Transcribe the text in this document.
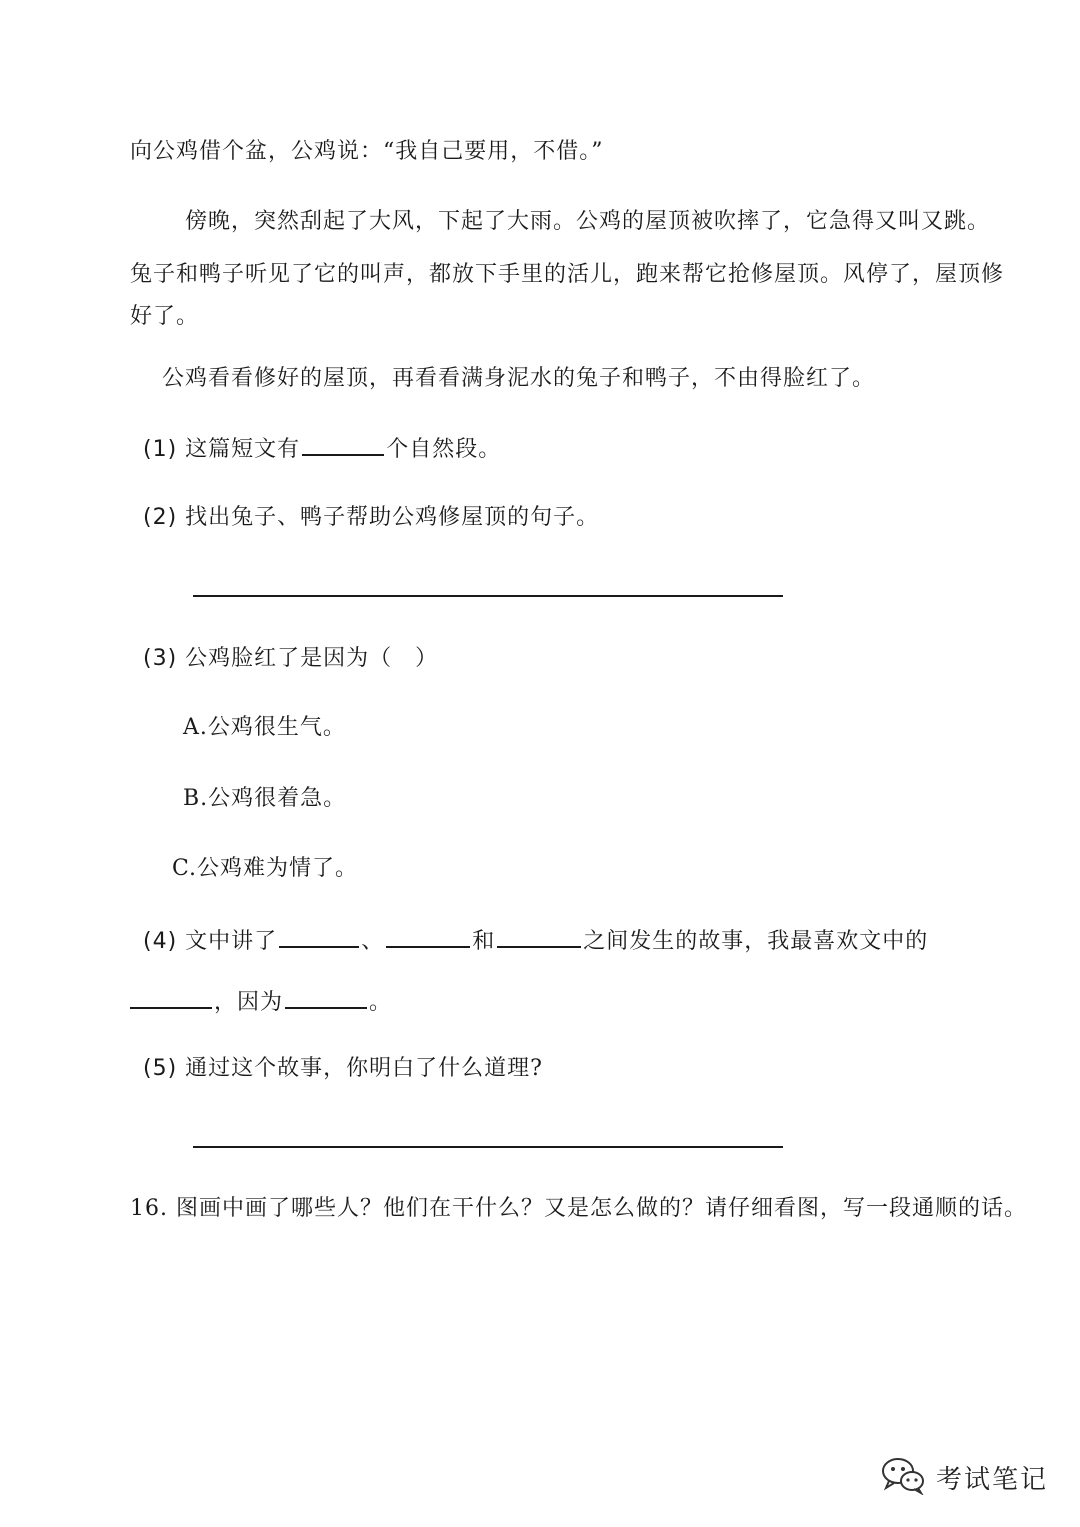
向公鸡借个盆，公鸡说：“我自己要用，不借。”
傍晚，突然刮起了大风，下起了大雨。公鸡的屋顶被吹摔了，它急得又叫又跳。
兔子和鸭子听见了它的叫声，都放下手里的活儿，跑来帮它抢修屋顶。风停了，屋顶修
好了。
公鸡看看修好的屋顶，再看看满身泥水的兔子和鸭子，不由得脸红了。
(1) 这篇短文有	个自然段。
(2) 找出兔子、鸭子帮助公鸡修屋顶的句子。
(3) 公鸡脸红了是因为（　）
A.公鸡很生气。
B.公鸡很着急。
C.公鸡难为情了。
(4) 文中讲了	、	和	之间发生的故事，我最喜欢文中的
，因为	。
(5) 通过这个故事，你明白了什么道理?
16. 图画中画了哪些人？他们在干什么？又是怎么做的？请仔细看图，写一段通顺的话。
考试笔记
